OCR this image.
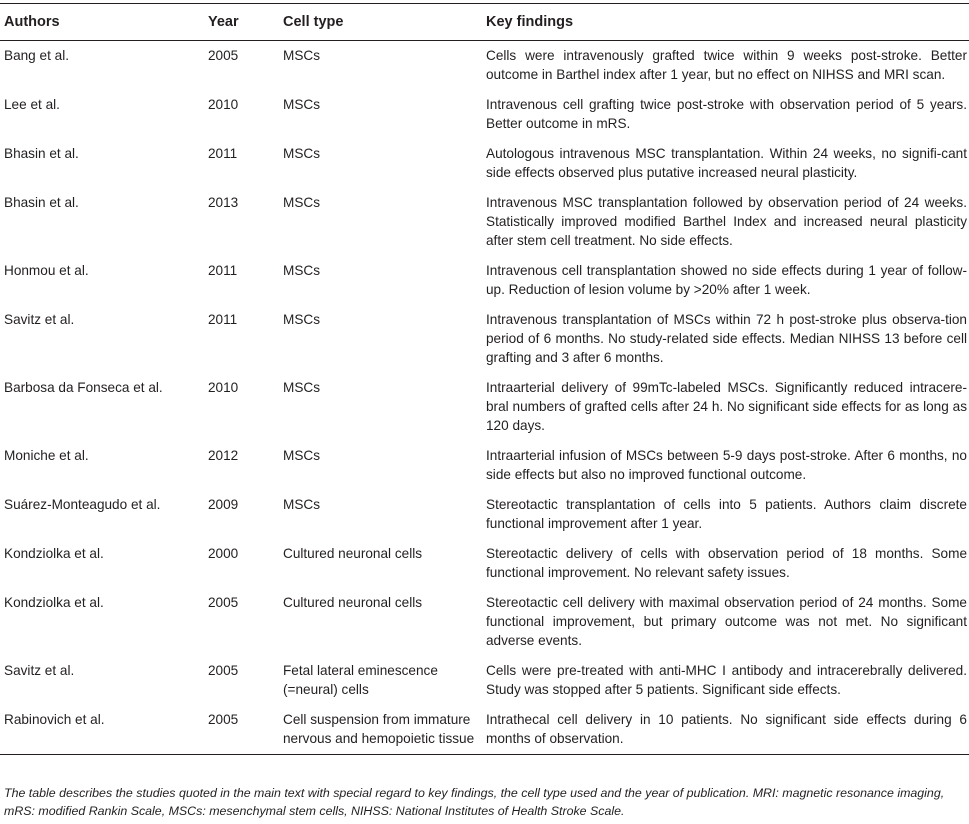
Authors	Year	Cell type	Key findings
Bang et al.	2005	MSCs	Cells were intravenously grafted twice within 9 weeks post-stroke. Better outcome in Barthel index after 1 year, but no effect on NIHSS and MRI scan.
Lee et al.	2010	MSCs	Intravenous cell grafting twice post-stroke with observation period of 5 years. Better outcome in mRS.
Bhasin et al.	2011	MSCs	Autologous intravenous MSC transplantation. Within 24 weeks, no signifi-cant side effects observed plus putative increased neural plasticity.
Bhasin et al.	2013	MSCs	Intravenous MSC transplantation followed by observation period of 24 weeks. Statistically improved modified Barthel Index and increased neural plasticity after stem cell treatment. No side effects.
Honmou et al.	2011	MSCs	Intravenous cell transplantation showed no side effects during 1 year of follow-up. Reduction of lesion volume by >20% after 1 week.
Savitz et al.	2011	MSCs	Intravenous transplantation of MSCs within 72 h post-stroke plus observa-tion period of 6 months. No study-related side effects. Median NIHSS 13 before cell grafting and 3 after 6 months.
Barbosa da Fonseca et al.	2010	MSCs	Intraarterial delivery of 99mTc-labeled MSCs. Significantly reduced intracere-bral numbers of grafted cells after 24 h. No significant side effects for as long as 120 days.
Moniche et al.	2012	MSCs	Intraarterial infusion of MSCs between 5-9 days post-stroke. After 6 months, no side effects but also no improved functional outcome.
Suárez-Monteagudo et al.	2009	MSCs	Stereotactic transplantation of cells into 5 patients. Authors claim discrete functional improvement after 1 year.
Kondziolka et al.	2000	Cultured neuronal cells	Stereotactic delivery of cells with observation period of 18 months. Some functional improvement. No relevant safety issues.
Kondziolka et al.	2005	Cultured neuronal cells	Stereotactic cell delivery with maximal observation period of 24 months. Some functional improvement, but primary outcome was not met. No significant adverse events.
Savitz et al.	2005	Fetal lateral eminescence (=neural) cells	Cells were pre-treated with anti-MHC I antibody and intracerebrally delivered. Study was stopped after 5 patients. Significant side effects.
Rabinovich et al.	2005	Cell suspension from immature nervous and hemopoietic tissue	Intrathecal cell delivery in 10 patients. No significant side effects during 6 months of observation.
The table describes the studies quoted in the main text with special regard to key findings, the cell type used and the year of publication. MRI: magnetic resonance imaging, mRS: modified Rankin Scale, MSCs: mesenchymal stem cells, NIHSS: National Institutes of Health Stroke Scale.
